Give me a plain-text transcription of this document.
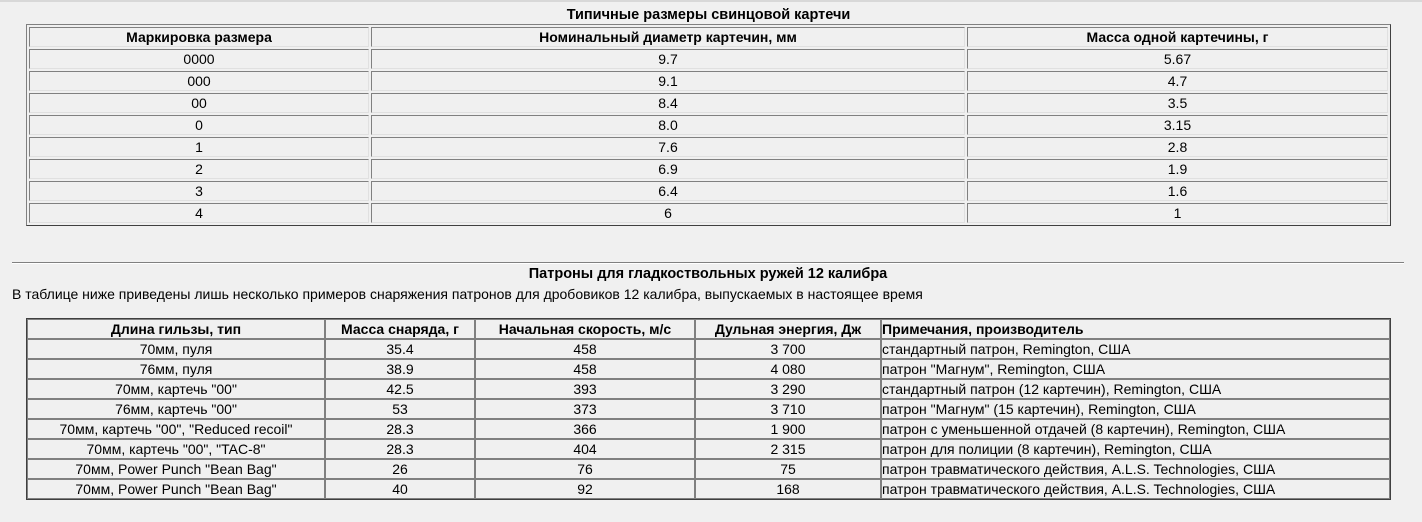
Типичные размеры свинцовой картечи
Маркировка размера	Номинальный диаметр картечин, мм	Масса одной картечины, г
0000	9.7	5.67
000	9.1	4.7
00	8.4	3.5
0	8.0	3.15
1	7.6	2.8
2	6.9	1.9
3	6.4	1.6
4	6	1
Патроны для гладкоствольных ружей 12 калибра
В таблице ниже приведены лишь несколько примеров снаряжения патронов для дробовиков 12 калибра, выпускаемых в настоящее время
Длина гильзы, тип	Масса снаряда, г	Начальная скорость, м/с	Дульная энергия, Дж	Примечания, производитель
70мм, пуля	35.4	458	3 700	стандартный патрон, Remington, США
76мм, пуля	38.9	458	4 080	патрон "Магнум", Remington, США
70мм, картечь "00"	42.5	393	3 290	стандартный патрон (12 картечин), Remington, США
76мм, картечь "00"	53	373	3 710	патрон "Магнум" (15 картечин), Remington, США
70мм, картечь "00", "Reduced recoil"	28.3	366	1 900	патрон с уменьшенной отдачей (8 картечин), Remington, США
70мм, картечь "00", "TAC-8"	28.3	404	2 315	патрон для полиции (8 картечин), Remington, США
70мм, Power Punch "Bean Bag"	26	76	75	патрон травматического действия, A.L.S. Technologies, США
70мм, Power Punch "Bean Bag"	40	92	168	патрон травматического действия, A.L.S. Technologies, США
